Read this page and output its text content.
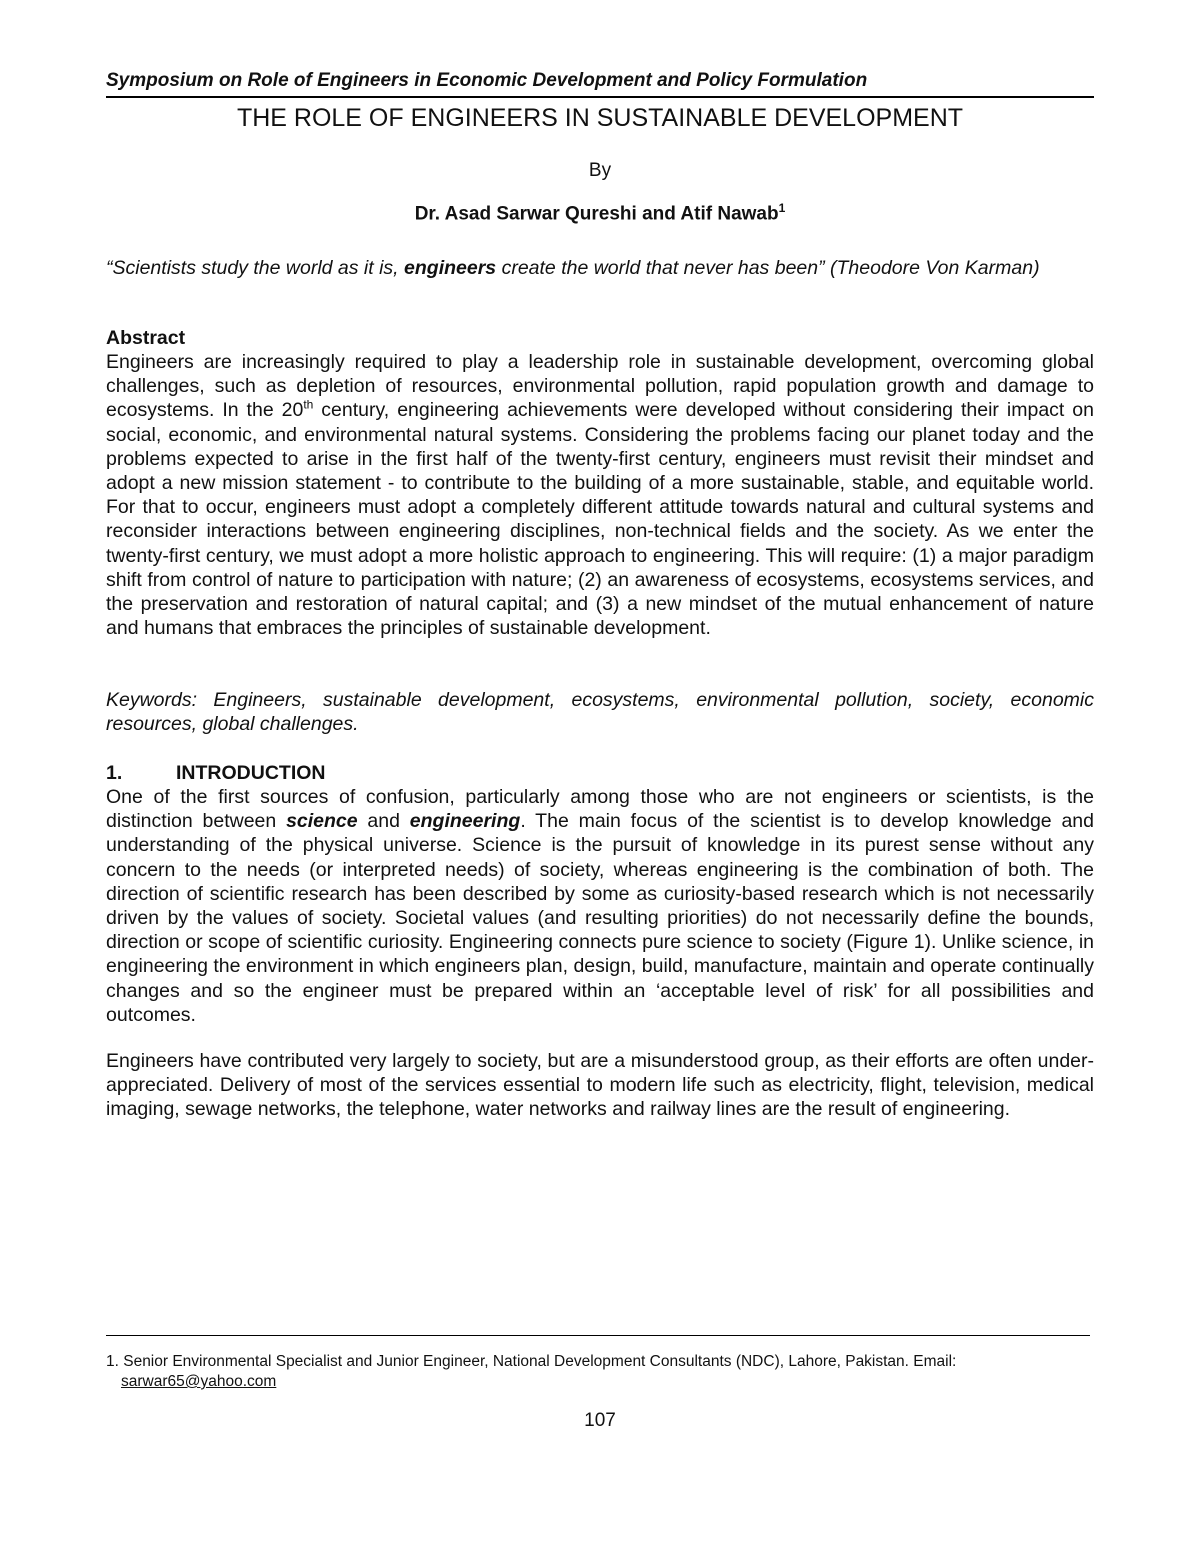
Symposium on Role of Engineers in Economic Development and Policy Formulation
THE ROLE OF ENGINEERS IN SUSTAINABLE DEVELOPMENT
By
Dr. Asad Sarwar Qureshi and Atif Nawab$^1$
“Scientists study the world as it is, engineers create the world that never has been” (Theodore Von Karman)
Abstract

Engineers are increasingly required to play a leadership role in sustainable development, overcoming global challenges, such as depletion of resources, environmental pollution, rapid population growth and damage to ecosystems. In the 20th century, engineering achievements were developed without considering their impact on social, economic, and environmental natural systems. Considering the problems facing our planet today and the problems expected to arise in the first half of the twenty-first century, engineers must revisit their mindset and adopt a new mission statement - to contribute to the building of a more sustainable, stable, and equitable world. For that to occur, engineers must adopt a completely different attitude towards natural and cultural systems and reconsider interactions between engineering disciplines, non-technical fields and the society. As we enter the twenty-first century, we must adopt a more holistic approach to engineering. This will require: (1) a major paradigm shift from control of nature to participation with nature; (2) an awareness of ecosystems, ecosystems services, and the preservation and restoration of natural capital; and (3) a new mindset of the mutual enhancement of nature and humans that embraces the principles of sustainable development.

Keywords: Engineers, sustainable development, ecosystems, environmental pollution, society, economic resources, global challenges.

1.	INTRODUCTION

One of the first sources of confusion, particularly among those who are not engineers or scientists, is the distinction between science and engineering. The main focus of the scientist is to develop knowledge and understanding of the physical universe. Science is the pursuit of knowledge in its purest sense without any concern to the needs (or interpreted needs) of society, whereas engineering is the combination of both. The direction of scientific research has been described by some as curiosity-based research which is not necessarily driven by the values of society. Societal values (and resulting priorities) do not necessarily define the bounds, direction or scope of scientific curiosity. Engineering connects pure science to society (Figure 1). Unlike science, in engineering the environment in which engineers plan, design, build, manufacture, maintain and operate continually changes and so the engineer must be prepared within an ‘acceptable level of risk’ for all possibilities and outcomes.

Engineers have contributed very largely to society, but are a misunderstood group, as their efforts are often under-appreciated. Delivery of most of the services essential to modern life such as electricity, flight, television, medical imaging, sewage networks, the telephone, water networks and railway lines are the result of engineering.

1. Senior Environmental Specialist and Junior Engineer, National Development Consultants (NDC), Lahore, Pakistan. Email:
sarwar65@yahoo.com
107
